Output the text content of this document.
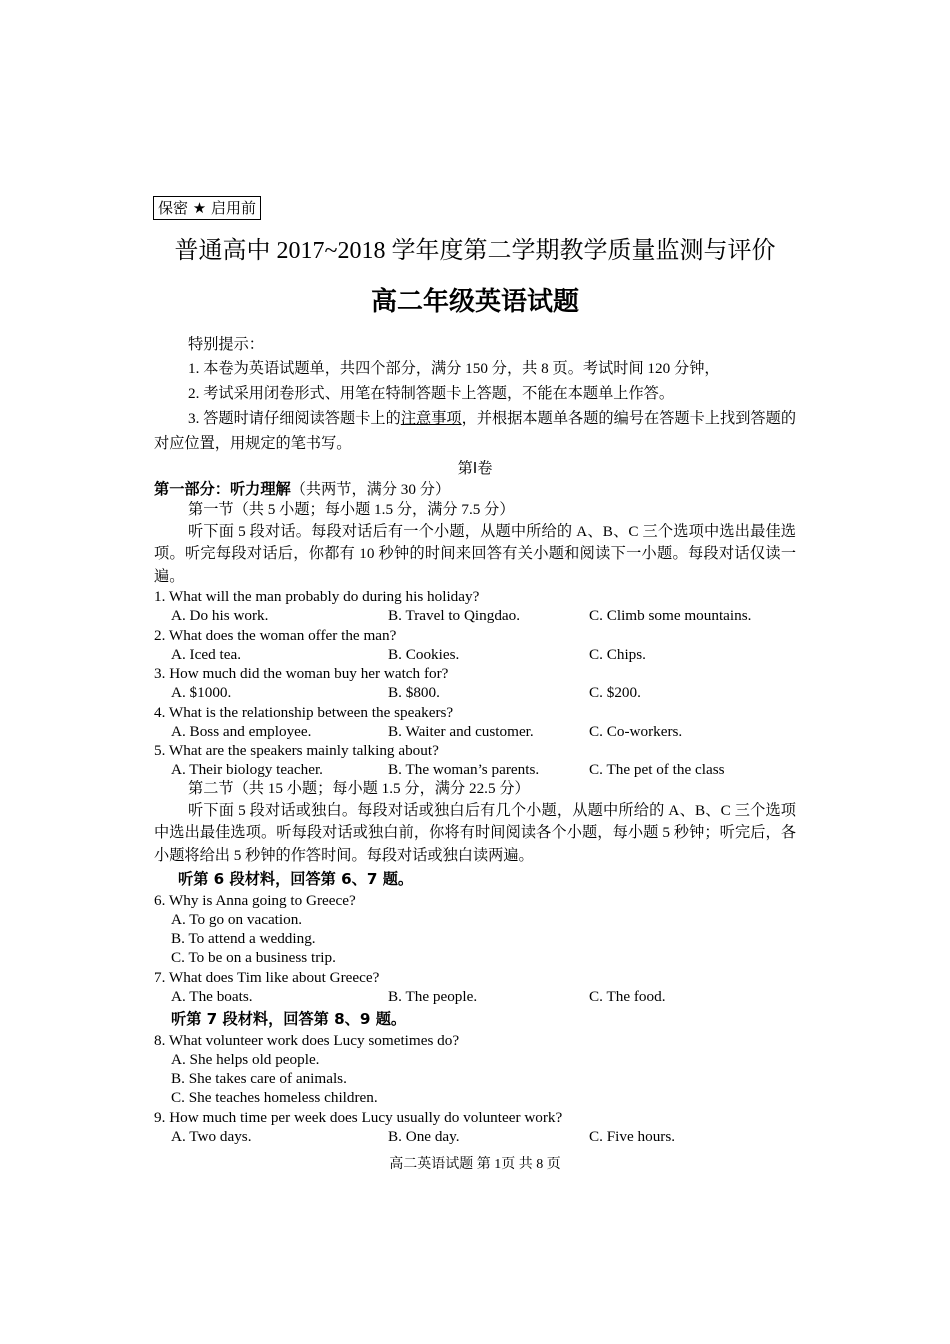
保密 ★ 启用前
普通高中 2017~2018 学年度第二学期教学质量监测与评价
高二年级英语试题
特别提示：
1. 本卷为英语试题单，共四个部分，满分 150 分，共 8 页。考试时间 120 分钟，
2. 考试采用闭卷形式、用笔在特制答题卡上答题，不能在本题单上作答。
3. 答题时请仔细阅读答题卡上的注意事项，并根据本题单各题的编号在答题卡上找到答题的对应位置，用规定的笔书写。
第Ⅰ卷
第一部分：听力理解（共两节，满分 30 分）
第一节（共 5 小题；每小题 1.5 分，满分 7.5 分）
听下面 5 段对话。每段对话后有一个小题，从题中所给的 A、B、C 三个选项中选出最佳选项。听完每段对话后，你都有 10 秒钟的时间来回答有关小题和阅读下一小题。每段对话仅读一遍。
1. What will the man probably do during his holiday?
A. Do his work.	B. Travel to Qingdao.	C. Climb some mountains.
2. What does the woman offer the man?
A. Iced tea.	B. Cookies.	C. Chips.
3. How much did the woman buy her watch for?
A. $1000.	B. $800.	C. $200.
4. What is the relationship between the speakers?
A. Boss and employee.	B. Waiter and customer.	C. Co-workers.
5. What are the speakers mainly talking about?
A. Their biology teacher.	B. The woman’s parents.	C. The pet of the class
第二节（共 15 小题；每小题 1.5 分，满分 22.5 分）
听下面 5 段对话或独白。每段对话或独白后有几个小题，从题中所给的 A、B、C 三个选项中选出最佳选项。听每段对话或独白前，你将有时间阅读各个小题，每小题 5 秒钟；听完后，各小题将给出 5 秒钟的作答时间。每段对话或独白读两遍。
听第 6 段材料，回答第 6、7 题。
6. Why is Anna going to Greece?
A. To go on vacation.
B. To attend a wedding.
C. To be on a business trip.
7. What does Tim like about Greece?
A. The boats.	B. The people.	C. The food.
听第 7 段材料，回答第 8、9 题。
8. What volunteer work does Lucy sometimes do?
A. She helps old people.
B. She takes care of animals.
C. She teaches homeless children.
9. How much time per week does Lucy usually do volunteer work?
A. Two days.	B. One day.	C. Five hours.
高二英语试题 第 1页 共 8 页
